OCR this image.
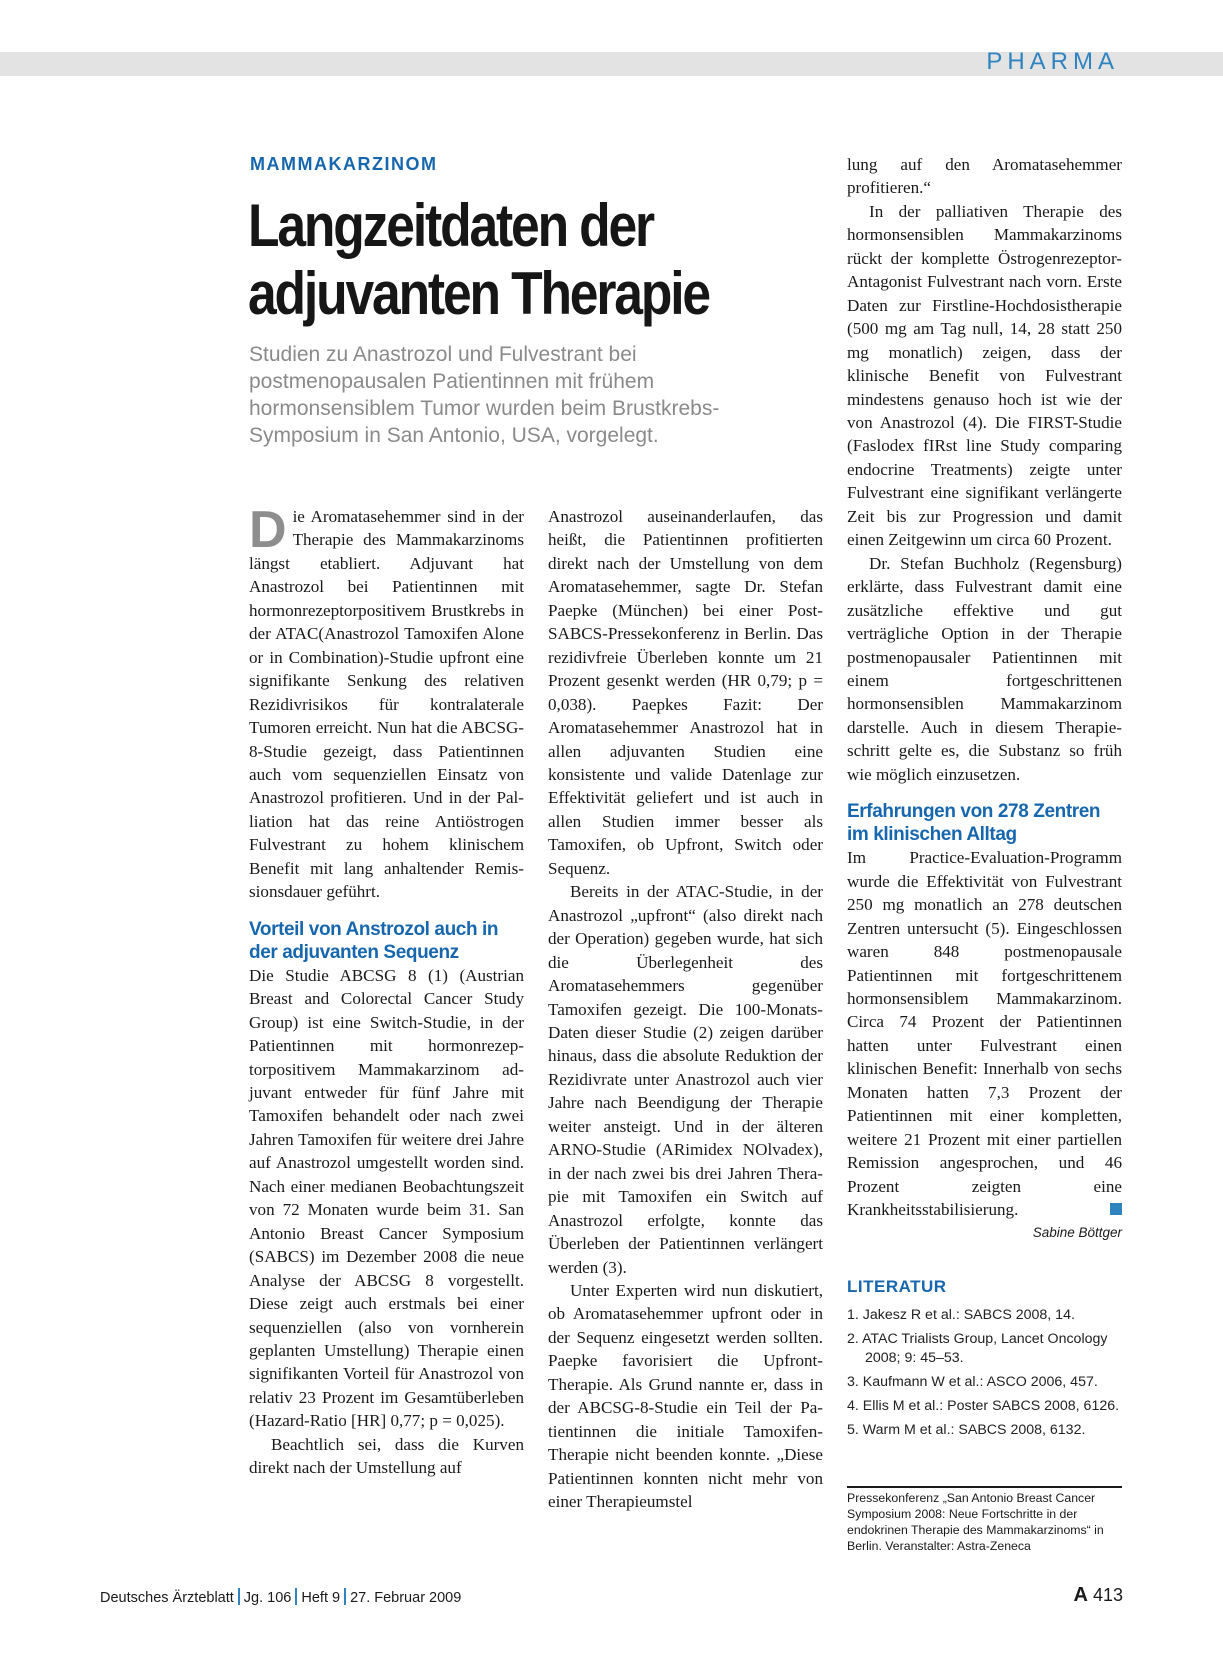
PHARMA
MAMMAKARZINOM
Langzeitdaten der adjuvanten Therapie

Studien zu Anastrozol und Fulvestrant bei postmenopausalen Patientinnen mit frühem hormonsensiblem Tumor wurden beim Brustkrebs-Symposium in San Antonio, USA, vorgelegt.

Die Aromatasehemmer sind in der Therapie des Mammakarzinoms längst etabliert. Adjuvant hat Anastrozol bei Patientinnen mit hormonrezeptorpositivem Brustkrebs in der ATAC(Anastrozol Tamoxifen Alone or in Combination)-Studie upfront eine signifikante Senkung des relativen Rezidivrisikos für kontralaterale Tumoren erreicht. Nun hat die ABCSG-8-Studie gezeigt, dass Patientinnen auch vom sequenziellen Einsatz von Anastrozol profitieren. Und in der Palliation hat das reine Antiöstrogen Fulvestrant zu hohem klinischem Benefit mit lang anhaltender Remissionsdauer geführt.

Vorteil von Anstrozol auch in der adjuvanten Sequenz

Die Studie ABCSG 8 (1) (Austrian Breast and Colorectal Cancer Study Group) ist eine Switch-Studie, in der Patientinnen mit hormonrezeptorpositivem Mammakarzinom adjuvant entweder für fünf Jahre mit Tamoxifen behandelt oder nach zwei Jahren Tamoxifen für weitere drei Jahre auf Anastrozol umgestellt worden sind. Nach einer medianen Beobachtungszeit von 72 Monaten wurde beim 31. San Antonio Breast Cancer Symposium (SABCS) im Dezember 2008 die neue Analyse der ABCSG 8 vorgestellt. Diese zeigt auch erstmals bei einer sequenziellen (also von vornherein geplanten Umstellung) Therapie einen signifikanten Vorteil für Anastrozol von relativ 23 Prozent im Gesamtüberleben (Hazard-Ratio [HR] 0,77; p = 0,025).

Beachtlich sei, dass die Kurven direkt nach der Umstellung auf

Anastrozol auseinanderlaufen, das heißt, die Patientinnen profitierten direkt nach der Umstellung von dem Aromatasehemmer, sagte Dr. Stefan Paepke (München) bei einer Post-SABCS-Pressekonferenz in Berlin. Das rezidivfreie Überleben konnte um 21 Prozent gesenkt werden (HR 0,79; p = 0,038). Paepkes Fazit: Der Aromatasehemmer Anastrozol hat in allen adjuvanten Studien eine konsistente und valide Datenlage zur Effektivität geliefert und ist auch in allen Studien immer besser als Tamoxifen, ob Upfront, Switch oder Sequenz.

Bereits in der ATAC-Studie, in der Anastrozol „upfront“ (also direkt nach der Operation) gegeben wurde, hat sich die Überlegenheit des Aromatasehemmers gegenüber Tamoxifen gezeigt. Die 100-Monats-Daten dieser Studie (2) zeigen darüber hinaus, dass die absolute Reduktion der Rezidivrate unter Anastrozol auch vier Jahre nach Beendigung der Therapie weiter ansteigt. Und in der älteren ARNO-Studie (ARimidex NOlvadex), in der nach zwei bis drei Jahren Therapie mit Tamoxifen ein Switch auf Anastrozol erfolgte, konnte das Überleben der Patientinnen verlängert werden (3).

Unter Experten wird nun diskutiert, ob Aromatasehemmer upfront oder in der Sequenz eingesetzt werden sollten. Paepke favorisiert die Upfront-Therapie. Als Grund nannte er, dass in der ABCSG-8-Studie ein Teil der Patientinnen die initiale Tamoxifen-Therapie nicht beenden konnte. „Diese Patientinnen konnten nicht mehr von einer Therapieumstel

lung auf den Aromatasehemmer profitieren.“

In der palliativen Therapie des hormonsensiblen Mammakarzinoms rückt der komplette Östrogenrezeptor-Antagonist Fulvestrant nach vorn. Erste Daten zur Firstline-Hochdosistherapie (500 mg am Tag null, 14, 28 statt 250 mg monatlich) zeigen, dass der klinische Benefit von Fulvestrant mindestens genauso hoch ist wie der von Anastrozol (4). Die FIRST-Studie (Faslodex fIRst line Study comparing endocrine Treatments) zeigte unter Fulvestrant eine signifikant verlängerte Zeit bis zur Progression und damit einen Zeitgewinn um circa 60 Prozent.

Dr. Stefan Buchholz (Regensburg) erklärte, dass Fulvestrant damit eine zusätzliche effektive und gut verträgliche Option in der Therapie postmenopausaler Patientinnen mit einem fortgeschrittenen hormonsensiblen Mammakarzinom darstelle. Auch in diesem Therapieschritt gelte es, die Substanz so früh wie möglich einzusetzen.

Erfahrungen von 278 Zentren im klinischen Alltag

Im Practice-Evaluation-Programm wurde die Effektivität von Fulvestrant 250 mg monatlich an 278 deutschen Zentren untersucht (5). Eingeschlossen waren 848 postmenopausale Patientinnen mit fortgeschrittenem hormonsensiblem Mammakarzinom. Circa 74 Prozent der Patientinnen hatten unter Fulvestrant einen klinischen Benefit: Innerhalb von sechs Monaten hatten 7,3 Prozent der Patientinnen mit einer kompletten, weitere 21 Prozent mit einer partiellen Remission angesprochen, und 46 Prozent zeigten eine Krankheitsstabilisierung.

Sabine Böttger

LITERATUR
1. Jakesz R et al.: SABCS 2008, 14.
2. ATAC Trialists Group, Lancet Oncology 2008; 9: 45–53.
3. Kaufmann W et al.: ASCO 2006, 457.
4. Ellis M et al.: Poster SABCS 2008, 6126.
5. Warm M et al.: SABCS 2008, 6132.
Pressekonferenz „San Antonio Breast Cancer Symposium 2008: Neue Fortschritte in der endokrinen Therapie des Mammakarzinoms“ in Berlin. Veranstalter: Astra-Zeneca
Deutsches Ärzteblatt Jg. 106 Heft 9 27. Februar 2009	A 413
